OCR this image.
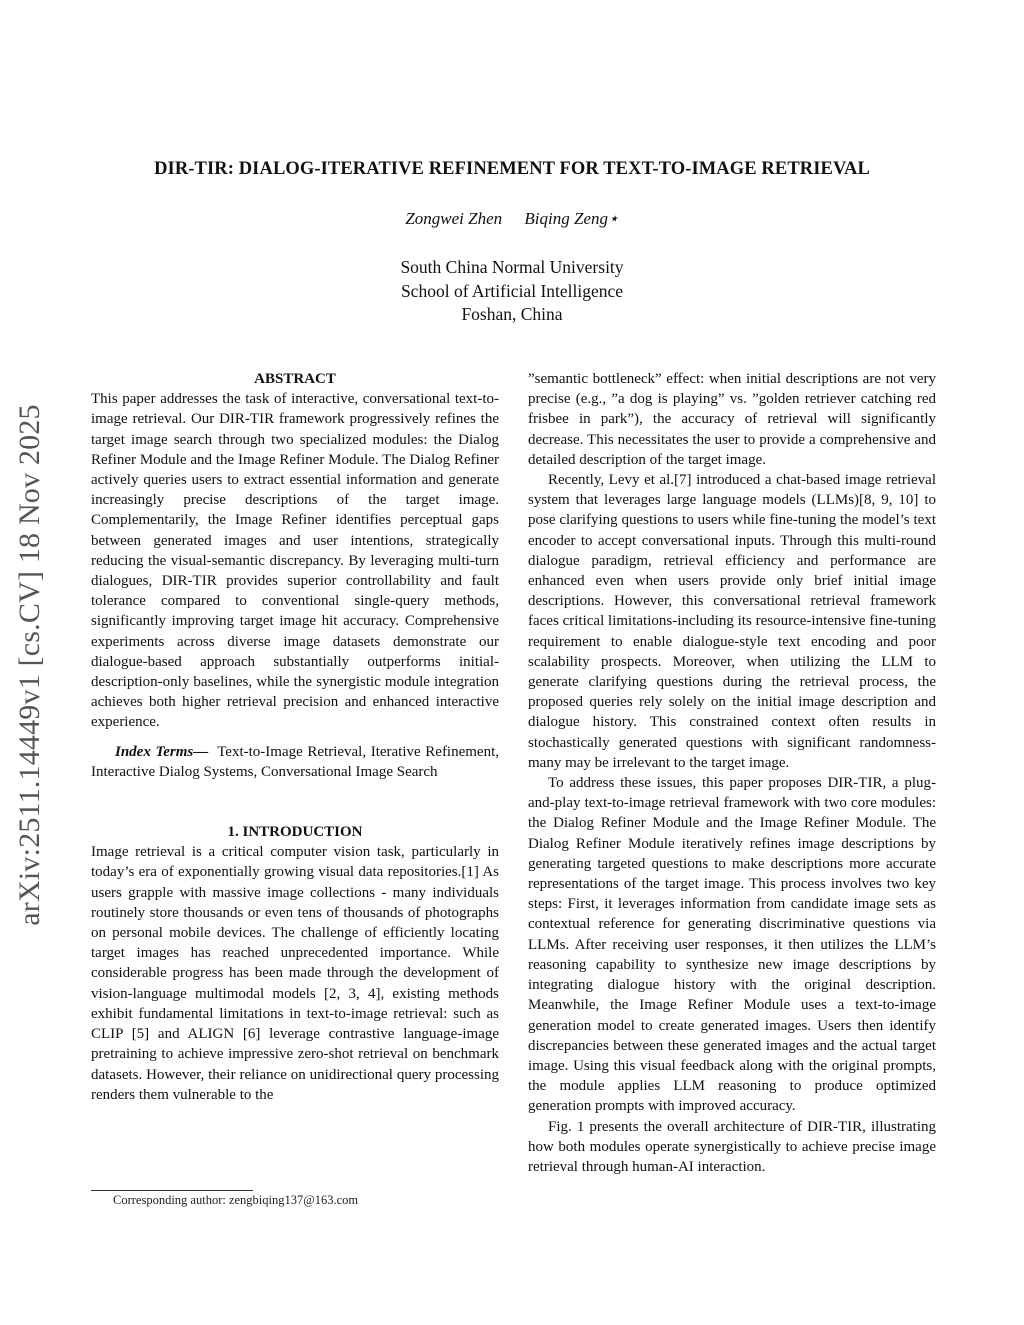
arXiv:2511.14449v1 [cs.CV] 18 Nov 2025
DIR-TIR: DIALOG-ITERATIVE REFINEMENT FOR TEXT-TO-IMAGE RETRIEVAL
Zongwei Zhen Biqing Zeng⋆
South China Normal University
School of Artificial Intelligence
Foshan, China

ABSTRACT

This paper addresses the task of interactive, conversational text-to-image retrieval. Our DIR-TIR framework progressively refines the target image search through two specialized modules: the Dialog Refiner Module and the Image Refiner Module. The Dialog Refiner actively queries users to extract essential information and generate increasingly precise descriptions of the target image. Complementarily, the Image Refiner identifies perceptual gaps between generated images and user intentions, strategically reducing the visual-semantic discrepancy. By leveraging multi-turn dialogues, DIR-TIR provides superior controllability and fault tolerance compared to conventional single-query methods, significantly improving target image hit accuracy. Comprehensive experiments across diverse image datasets demonstrate our dialogue-based approach substantially outperforms initial-description-only baselines, while the synergistic module integration achieves both higher retrieval precision and enhanced interactive experience.

Index Terms— Text-to-Image Retrieval, Iterative Refinement, Interactive Dialog Systems, Conversational Image Search

1. INTRODUCTION

Image retrieval is a critical computer vision task, particularly in today’s era of exponentially growing visual data repositories.[1] As users grapple with massive image collections - many individuals routinely store thousands or even tens of thousands of photographs on personal mobile devices. The challenge of efficiently locating target images has reached unprecedented importance. While considerable progress has been made through the development of vision-language multimodal models [2, 3, 4], existing methods exhibit fundamental limitations in text-to-image retrieval: such as CLIP [5] and ALIGN [6] leverage contrastive language-image pretraining to achieve impressive zero-shot retrieval on benchmark datasets. However, their reliance on unidirectional query processing renders them vulnerable to the

”semantic bottleneck” effect: when initial descriptions are not very precise (e.g., ”a dog is playing” vs. ”golden retriever catching red frisbee in park”), the accuracy of retrieval will significantly decrease. This necessitates the user to provide a comprehensive and detailed description of the target image.

Recently, Levy et al.[7] introduced a chat-based image retrieval system that leverages large language models (LLMs)[8, 9, 10] to pose clarifying questions to users while fine-tuning the model’s text encoder to accept conversational inputs. Through this multi-round dialogue paradigm, retrieval efficiency and performance are enhanced even when users provide only brief initial image descriptions. However, this conversational retrieval framework faces critical limitations-including its resource-intensive fine-tuning requirement to enable dialogue-style text encoding and poor scalability prospects. Moreover, when utilizing the LLM to generate clarifying questions during the retrieval process, the proposed queries rely solely on the initial image description and dialogue history. This constrained context often results in stochastically generated questions with significant randomness-many may be irrelevant to the target image.

To address these issues, this paper proposes DIR-TIR, a plug-and-play text-to-image retrieval framework with two core modules: the Dialog Refiner Module and the Image Refiner Module. The Dialog Refiner Module iteratively refines image descriptions by generating targeted questions to make descriptions more accurate representations of the target image. This process involves two key steps: First, it leverages information from candidate image sets as contextual reference for generating discriminative questions via LLMs. After receiving user responses, it then utilizes the LLM’s reasoning capability to synthesize new image descriptions by integrating dialogue history with the original description. Meanwhile, the Image Refiner Module uses a text-to-image generation model to create generated images. Users then identify discrepancies between these generated images and the actual target image. Using this visual feedback along with the original prompts, the module applies LLM reasoning to produce optimized generation prompts with improved accuracy.

Fig. 1 presents the overall architecture of DIR-TIR, illustrating how both modules operate synergistically to achieve precise image retrieval through human-AI interaction.

Corresponding author: zengbiqing137@163.com
